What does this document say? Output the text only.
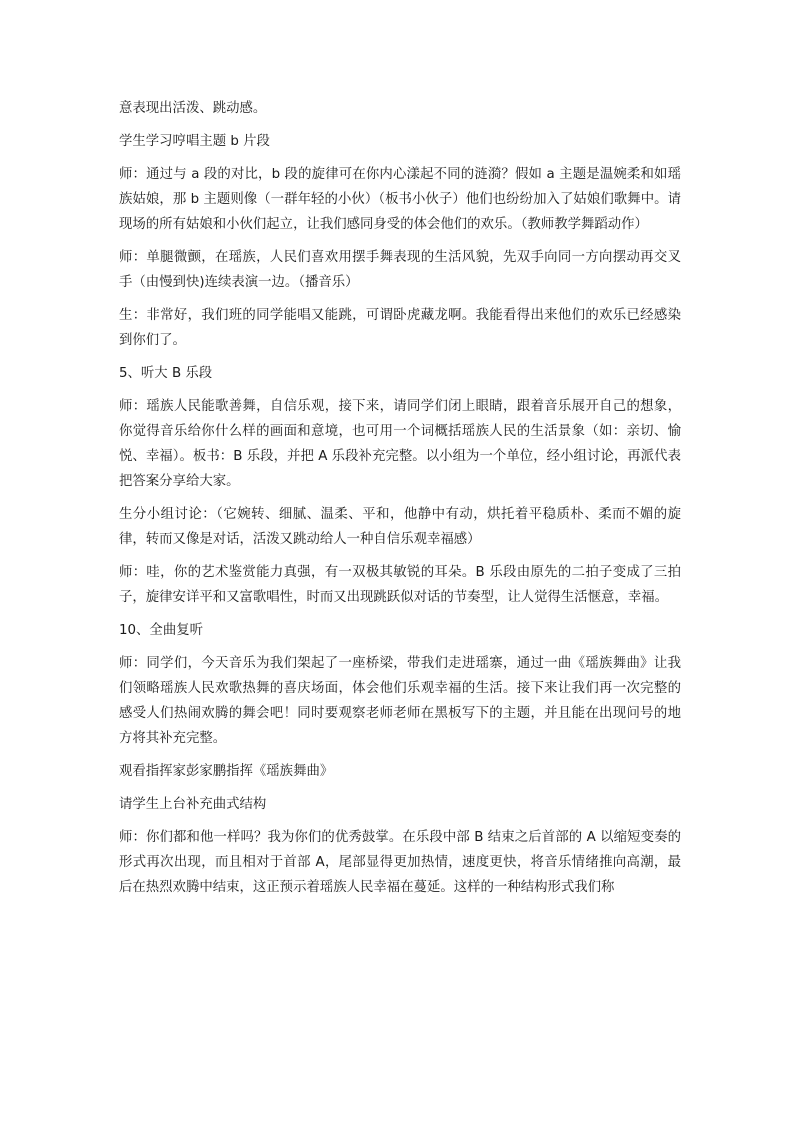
意表现出活泼、跳动感。

学生学习哼唱主题 b 片段

师：通过与 a 段的对比，b 段的旋律可在你内心漾起不同的涟漪？假如 a 主题是温婉柔和如瑶族姑娘，那 b 主题则像（一群年轻的小伙）（板书小伙子）他们也纷纷加入了姑娘们歌舞中。请现场的所有姑娘和小伙们起立，让我们感同身受的体会他们的欢乐。（教师教学舞蹈动作）

师：单腿微颤，在瑶族，人民们喜欢用摆手舞表现的生活风貌，先双手向同一方向摆动再交叉手（由慢到快)连续表演一边。（播音乐）

生：非常好，我们班的同学能唱又能跳，可谓卧虎藏龙啊。我能看得出来他们的欢乐已经感染到你们了。

5、听大 B 乐段

师：瑶族人民能歌善舞，自信乐观，接下来，请同学们闭上眼睛，跟着音乐展开自己的想象，你觉得音乐给你什么样的画面和意境，也可用一个词概括瑶族人民的生活景象（如：亲切、愉悦、幸福）。板书：B 乐段，并把 A 乐段补充完整。以小组为一个单位，经小组讨论，再派代表把答案分享给大家。

生分小组讨论：（它婉转、细腻、温柔、平和，他静中有动，烘托着平稳质朴、柔而不媚的旋律，转而又像是对话，活泼又跳动给人一种自信乐观幸福感）

师：哇，你的艺术鉴赏能力真强，有一双极其敏锐的耳朵。B 乐段由原先的二拍子变成了三拍子，旋律安详平和又富歌唱性，时而又出现跳跃似对话的节奏型，让人觉得生活惬意，幸福。

10、全曲复听

师：同学们，今天音乐为我们架起了一座桥梁，带我们走进瑶寨，通过一曲《瑶族舞曲》让我们领略瑶族人民欢歌热舞的喜庆场面，体会他们乐观幸福的生活。接下来让我们再一次完整的感受人们热闹欢腾的舞会吧！同时要观察老师老师在黑板写下的主题，并且能在出现问号的地方将其补充完整。

观看指挥家彭家鹏指挥《瑶族舞曲》

请学生上台补充曲式结构

师：你们都和他一样吗？我为你们的优秀鼓掌。在乐段中部 B 结束之后首部的 A 以缩短变奏的形式再次出现，而且相对于首部 A，尾部显得更加热情，速度更快，将音乐情绪推向高潮，最后在热烈欢腾中结束，这正预示着瑶族人民幸福在蔓延。这样的一种结构形式我们称
